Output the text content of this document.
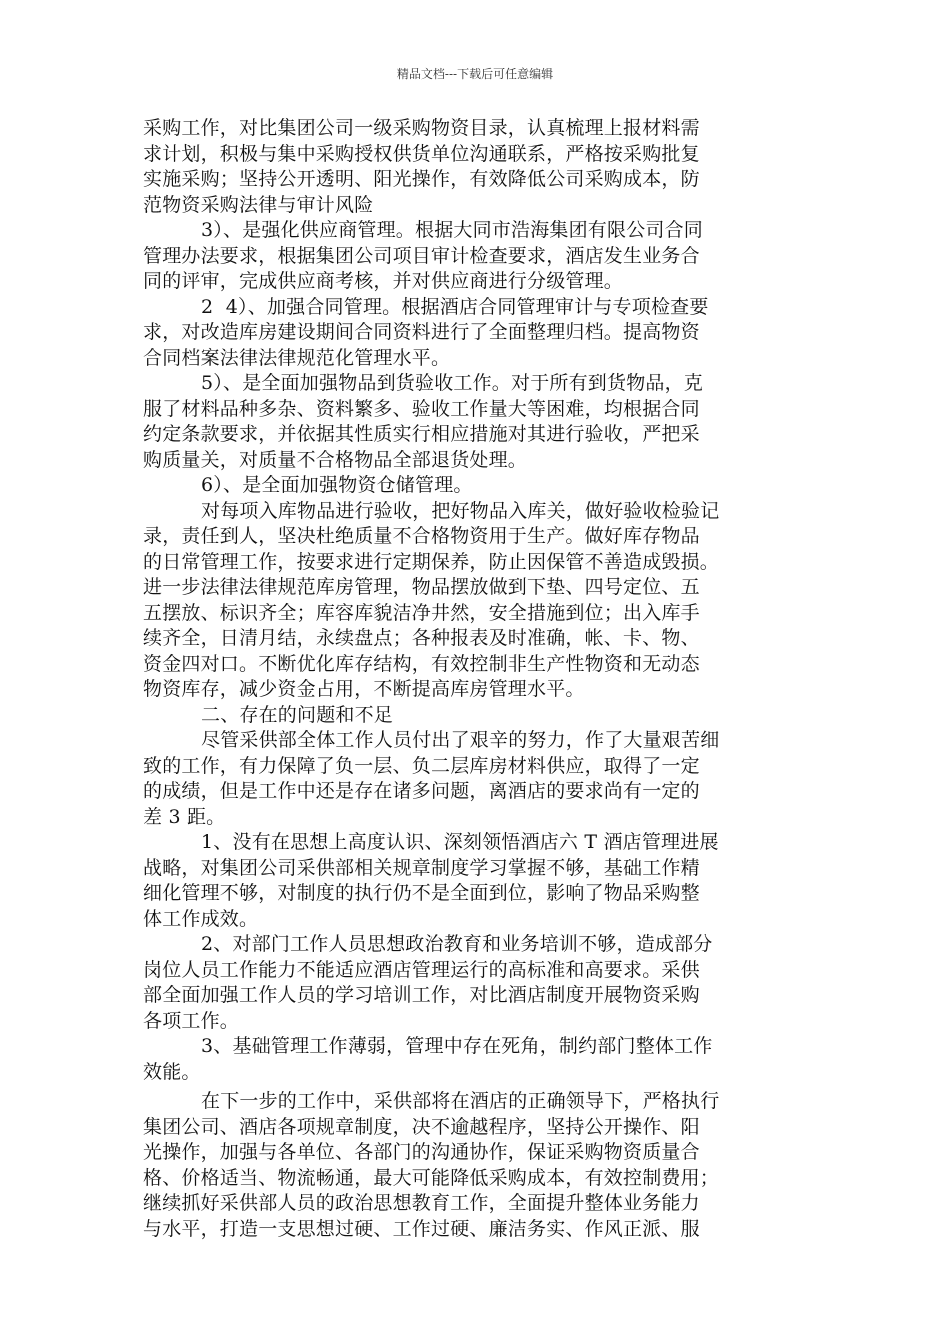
精品文档---下载后可任意编辑
采购工作，对比集团公司一级采购物资目录，认真梳理上报材料需
求计划，积极与集中采购授权供货单位沟通联系，严格按采购批复
实施采购；坚持公开透明、阳光操作，有效降低公司采购成本，防
范物资采购法律与审计风险
3）、是强化供应商管理。根据大同市浩海集团有限公司合同
管理办法要求，根据集团公司项目审计检查要求，酒店发生业务合
同的评审，完成供应商考核，并对供应商进行分级管理。
2  4）、加强合同管理。根据酒店合同管理审计与专项检查要
求，对改造库房建设期间合同资料进行了全面整理归档。提高物资
合同档案法律法律规范化管理水平。
5）、是全面加强物品到货验收工作。对于所有到货物品，克
服了材料品种多杂、资料繁多、验收工作量大等困难，均根据合同
约定条款要求，并依据其性质实行相应措施对其进行验收，严把采
购质量关，对质量不合格物品全部退货处理。
6）、是全面加强物资仓储管理。
对每项入库物品进行验收，把好物品入库关，做好验收检验记
录，责任到人，坚决杜绝质量不合格物资用于生产。做好库存物品
的日常管理工作，按要求进行定期保养，防止因保管不善造成毁损。
进一步法律法律规范库房管理，物品摆放做到下垫、四号定位、五
五摆放、标识齐全；库容库貌洁净井然，安全措施到位；出入库手
续齐全，日清月结，永续盘点；各种报表及时准确，帐、卡、物、
资金四对口。不断优化库存结构，有效控制非生产性物资和无动态
物资库存，减少资金占用，不断提高库房管理水平。
二、存在的问题和不足
尽管采供部全体工作人员付出了艰辛的努力，作了大量艰苦细
致的工作，有力保障了负一层、负二层库房材料供应，取得了一定
的成绩，但是工作中还是存在诸多问题，离酒店的要求尚有一定的
差 3 距。
1、没有在思想上高度认识、深刻领悟酒店六 T 酒店管理进展
战略，对集团公司采供部相关规章制度学习掌握不够，基础工作精
细化管理不够，对制度的执行仍不是全面到位，影响了物品采购整
体工作成效。
2、对部门工作人员思想政治教育和业务培训不够，造成部分
岗位人员工作能力不能适应酒店管理运行的高标准和高要求。采供
部全面加强工作人员的学习培训工作，对比酒店制度开展物资采购
各项工作。
3、基础管理工作薄弱，管理中存在死角，制约部门整体工作
效能。
在下一步的工作中，采供部将在酒店的正确领导下，严格执行
集团公司、酒店各项规章制度，决不逾越程序，坚持公开操作、阳
光操作，加强与各单位、各部门的沟通协作，保证采购物资质量合
格、价格适当、物流畅通，最大可能降低采购成本，有效控制费用；
继续抓好采供部人员的政治思想教育工作，全面提升整体业务能力
与水平，打造一支思想过硬、工作过硬、廉洁务实、作风正派、服
